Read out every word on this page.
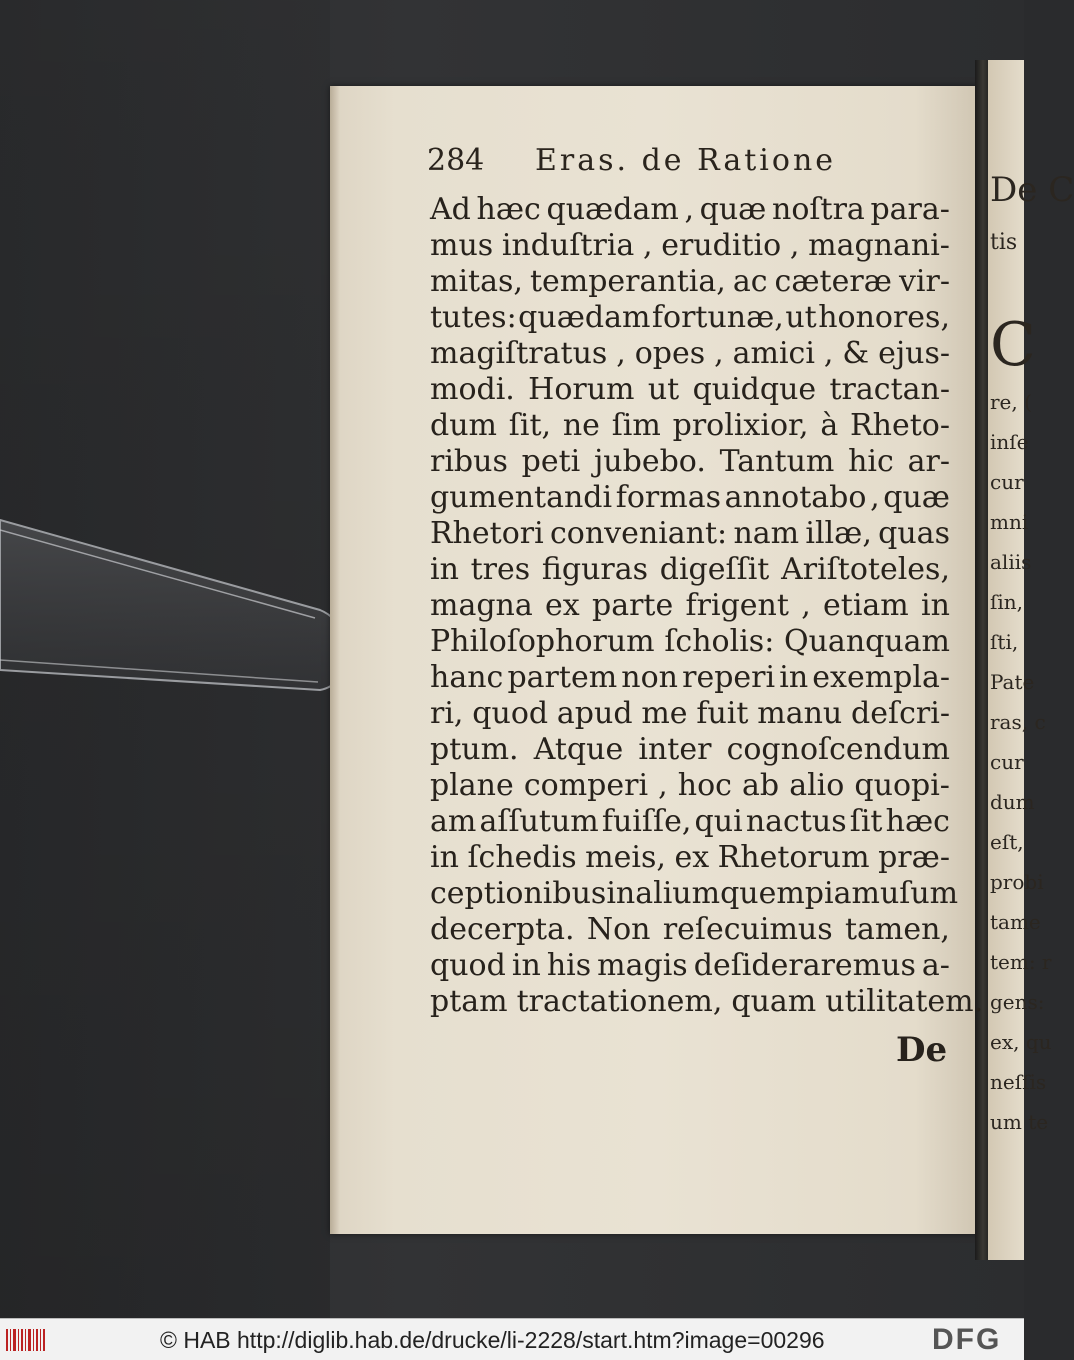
De C
tis
C
re, (
inſe
cur
mni
aliis
ſin,
ſti,
Pate
ras, c
cur
dum
eſt,
probi
tame
tem: r
gens:
ex, qu
neſſis
um te
284 Eras. de Ratione
Ad hæc quædam , quæ noſtra para-
mus induſtria , eruditio , magnani-
mitas, temperantia, ac cæteræ vir-
tutes: quædam fortunæ, ut honores,
magiſtratus , opes , amici , & ejus-
modi. Horum ut quidque tractan-
dum ſit, ne ſim prolixior, à Rheto-
ribus peti jubebo. Tantum hic ar-
gumentandi formas annotabo , quæ
Rhetori conveniant: nam illæ, quas
in tres figuras digeſſit Ariſtoteles,
magna ex parte frigent , etiam in
Philoſophorum ſcholis: Quanquam
hanc partem non reperi in exempla-
ri, quod apud me fuit manu deſcri-
ptum. Atque inter cognoſcendum
plane comperi , hoc ab alio quopi-
am aſſutum fuiſſe, qui nactus ſit hæc
in ſchedis meis, ex Rhetorum præ-
ceptionibus in alium quempiam uſum
decerpta. Non reſecuimus tamen,
quod in his magis deſideraremus a-
ptam tractationem, quam utilitatem.
De
© HAB http://diglib.hab.de/drucke/li-2228/start.htm?image=00296	DFG
